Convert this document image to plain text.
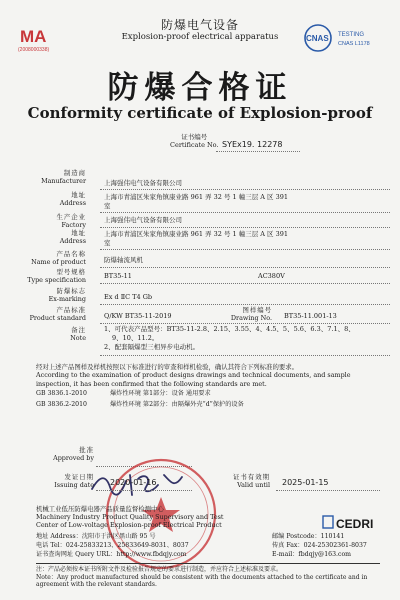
MA
(2008000338)
防爆电气设备
Explosion-proof electrical apparatus	CNAS TESTING
CNAS L1178
防爆合格证
Conformity certificate of Explosion-proof
证书编号
Certificate No. SYEx19. 12278
制造商
Manufacturer	上海强伟电气设备有限公司
地址
Address
上海市青浦区朱家角镇康业路 961 弄 32 号 1 幢三层 A 区 391
室
生产企业
Factory
上海强伟电气设备有限公司
地址
Address
上海市青浦区朱家角镇康业路 961 弄 32 号 1 幢三层 A 区 391
室
产品名称
Name of product	防爆轴流风机
型号规格
Type specification	BT35-11	AC380V
防爆标志
Ex-marking	Ex d ⅡC T4 Gb
产品标准
Product standard	Q/KW BT35-11-2019
图样编号
Drawing No. BT35-11.001-13
备注
Note
1、可代表产品型号：BT35-11-2.8、2.15、3.55、4、4.5、5、5.6、6.3、7.1、8、
9、10、11.2。
2、配套隔爆型三相异步电动机。
经对上述产品图样及样机按照以下标准进行的审查和样机检验，确认其符合下列标准的要求。
According to the examination of product designs drawings and technical documents, and sample
inspection, it has been confirmed that the following standards are met.
GB 3836.1-2010	爆炸性环境 第1部分：设备 通用要求
GB 3836.2-2010	爆炸性环境 第2部分：由隔爆外壳“d”保护的设备
批准
Approved by
发证日期
Issuing date 2020-01-16
证书有效期
Valid until 2025-01-15
机械工业低压防爆电器产品质量监督检测中心
Machinery Industry Product Quality Supervisory and Test
Center of Low-voltage Explosion-proof Electrical Product	CEDRI
地址 Address：沈阳市于洪区黑山路 95 号	邮编 Postcode：110141
电话 Tel：024-25833213、25833649-8031、8037	传真 Fax：024-25302361-8037
证书查询网址 Query URL：http://www.fbdqjy.com	E-mail：fbdqjy@163.com
注：产品必须按本证书所附文件及检验报告规定的要求进行制造，并应符合上述标准及要求。
Note：Any product manufactured should be consistent with the documents attached to the certificate and in agreement with the relevant standards.
